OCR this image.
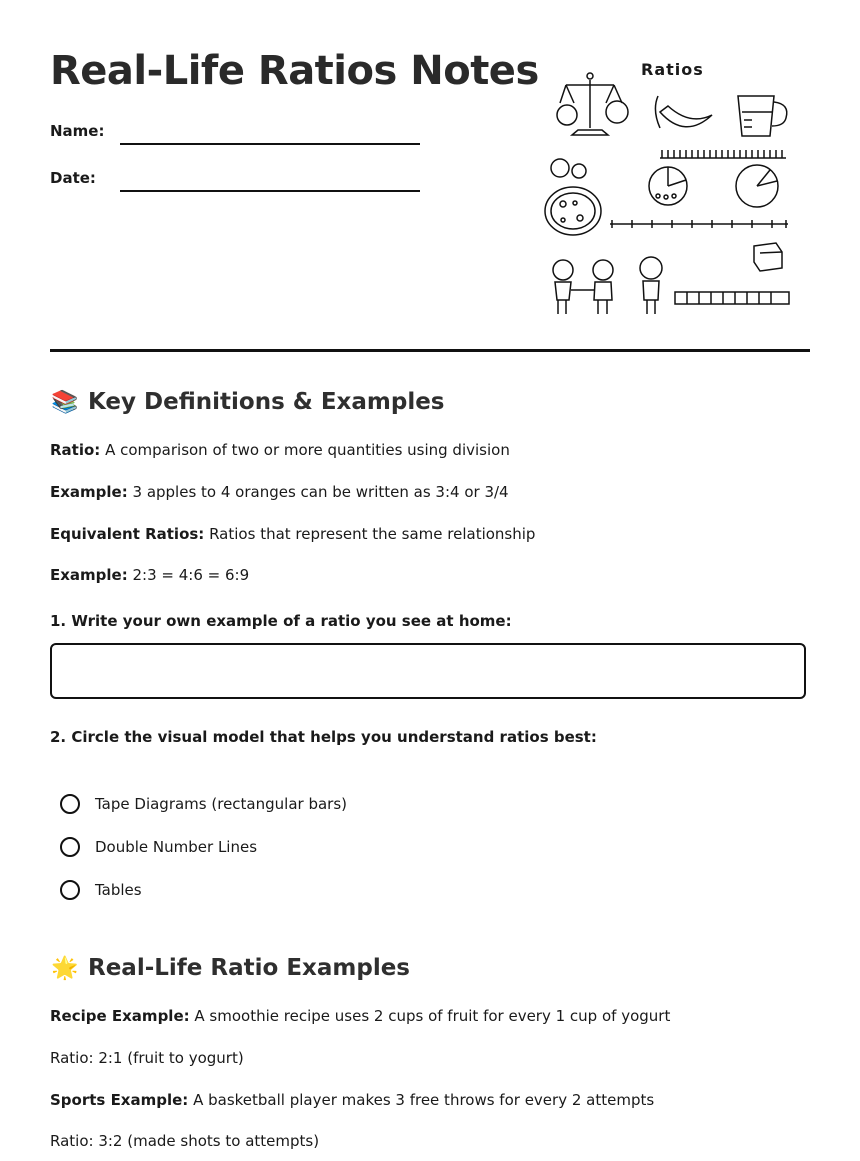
Real-Life Ratios Notes
Name:
Date:
Ratios
📚 Key Definitions & Examples

Ratio: A comparison of two or more quantities using division

Example: 3 apples to 4 oranges can be written as 3:4 or 3/4

Equivalent Ratios: Ratios that represent the same relationship

Example: 2:3 = 4:6 = 6:9

1. Write your own example of a ratio you see at home:

2. Circle the visual model that helps you understand ratios best:

Tape Diagrams (rectangular bars)
Double Number Lines
Tables
🌟 Real-Life Ratio Examples

Recipe Example: A smoothie recipe uses 2 cups of fruit for every 1 cup of yogurt

Ratio: 2:1 (fruit to yogurt)

Sports Example: A basketball player makes 3 free throws for every 2 attempts

Ratio: 3:2 (made shots to attempts)
